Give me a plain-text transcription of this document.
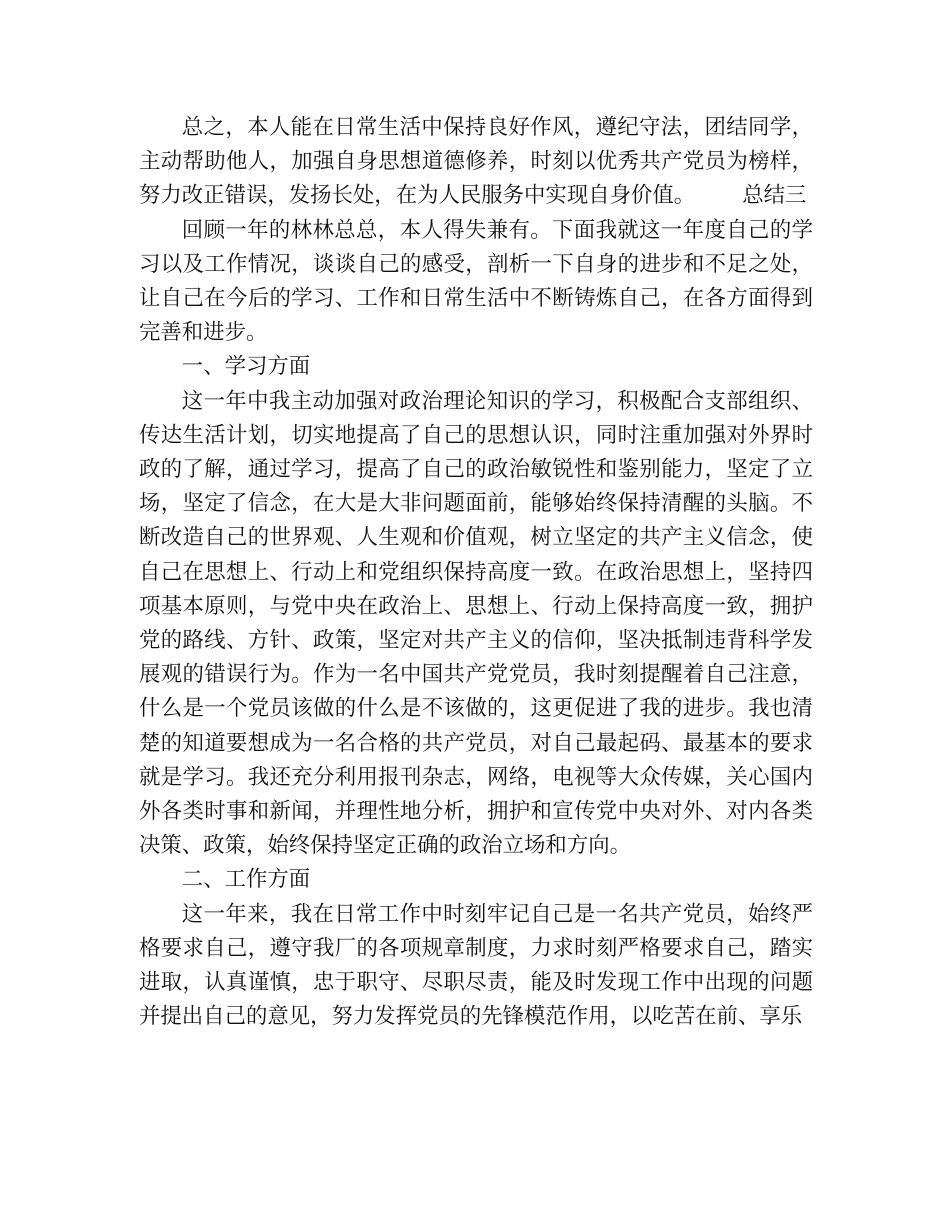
总之，本人能在日常生活中保持良好作风，遵纪守法，团结同学，主动帮助他人，加强自身思想道德修养，时刻以优秀共产党员为榜样，努力改正错误，发扬长处，在为人民服务中实现自身价值。 总结三

回顾一年的林林总总，本人得失兼有。下面我就这一年度自己的学习以及工作情况，谈谈自己的感受，剖析一下自身的进步和不足之处，让自己在今后的学习、工作和日常生活中不断铸炼自己，在各方面得到完善和进步。

一、学习方面

这一年中我主动加强对政治理论知识的学习，积极配合支部组织、传达生活计划，切实地提高了自己的思想认识，同时注重加强对外界时政的了解，通过学习，提高了自己的政治敏锐性和鉴别能力，坚定了立场，坚定了信念，在大是大非问题面前，能够始终保持清醒的头脑。不断改造自己的世界观、人生观和价值观，树立坚定的共产主义信念，使自己在思想上、行动上和党组织保持高度一致。在政治思想上，坚持四项基本原则，与党中央在政治上、思想上、行动上保持高度一致，拥护党的路线、方针、政策，坚定对共产主义的信仰，坚决抵制违背科学发展观的错误行为。作为一名中国共产党党员，我时刻提醒着自己注意，什么是一个党员该做的什么是不该做的，这更促进了我的进步。我也清楚的知道要想成为一名合格的共产党员，对自己最起码、最基本的要求就是学习。我还充分利用报刊杂志，网络，电视等大众传媒，关心国内外各类时事和新闻，并理性地分析，拥护和宣传党中央对外、对内各类决策、政策，始终保持坚定正确的政治立场和方向。

二、工作方面

这一年来，我在日常工作中时刻牢记自己是一名共产党员，始终严格要求自己，遵守我厂的各项规章制度，力求时刻严格要求自己，踏实进取，认真谨慎，忠于职守、尽职尽责，能及时发现工作中出现的问题并提出自己的意见，努力发挥党员的先锋模范作用，以吃苦在前、享乐
